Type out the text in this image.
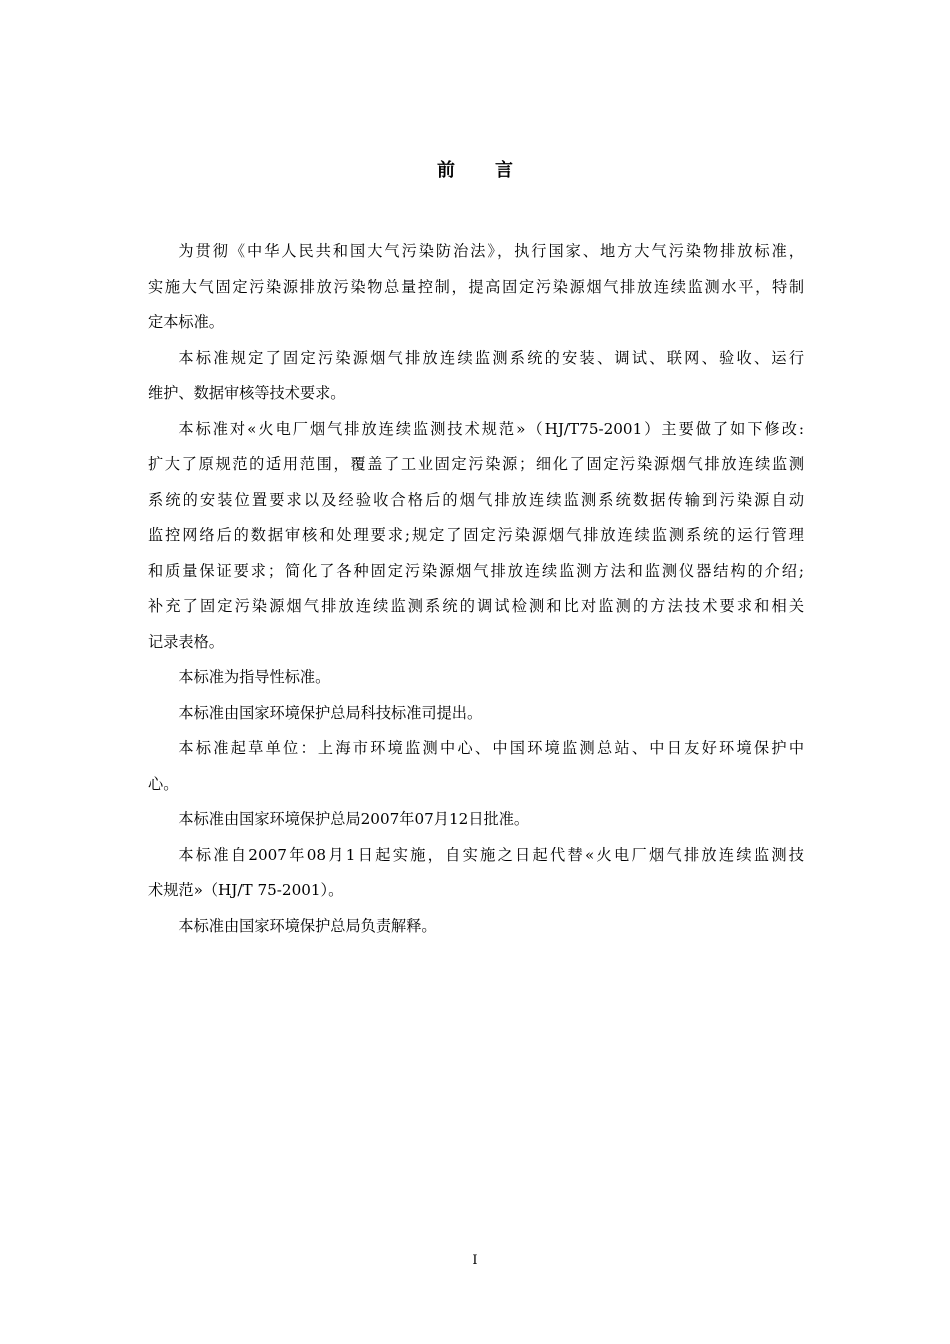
前言

为贯彻《中华人民共和国大气污染防治法》，执行国家、地方大气污染物排放标准，
实施大气固定污染源排放污染物总量控制，提高固定污染源烟气排放连续监测水平，特制
定本标准。

本标准规定了固定污染源烟气排放连续监测系统的安装、调试、联网、验收、运行
维护、数据审核等技术要求。

本标准对«火电厂烟气排放连续监测技术规范»（HJ/T75-2001）主要做了如下修改:
扩大了原规范的适用范围，覆盖了工业固定污染源；细化了固定污染源烟气排放连续监测
系统的安装位置要求以及经验收合格后的烟气排放连续监测系统数据传输到污染源自动
监控网络后的数据审核和处理要求;规定了固定污染源烟气排放连续监测系统的运行管理
和质量保证要求；简化了各种固定污染源烟气排放连续监测方法和监测仪器结构的介绍;
补充了固定污染源烟气排放连续监测系统的调试检测和比对监测的方法技术要求和相关
记录表格。

本标准为指导性标准。

本标准由国家环境保护总局科技标准司提出。

本标准起草单位：上海市环境监测中心、中国环境监测总站、中日友好环境保护中
心。

本标准由国家环境保护总局2007年07月12日批准。

本标准自2007年08月1日起实施，自实施之日起代替«火电厂烟气排放连续监测技
术规范»（HJ/T 75-2001）。

本标准由国家环境保护总局负责解释。

I
